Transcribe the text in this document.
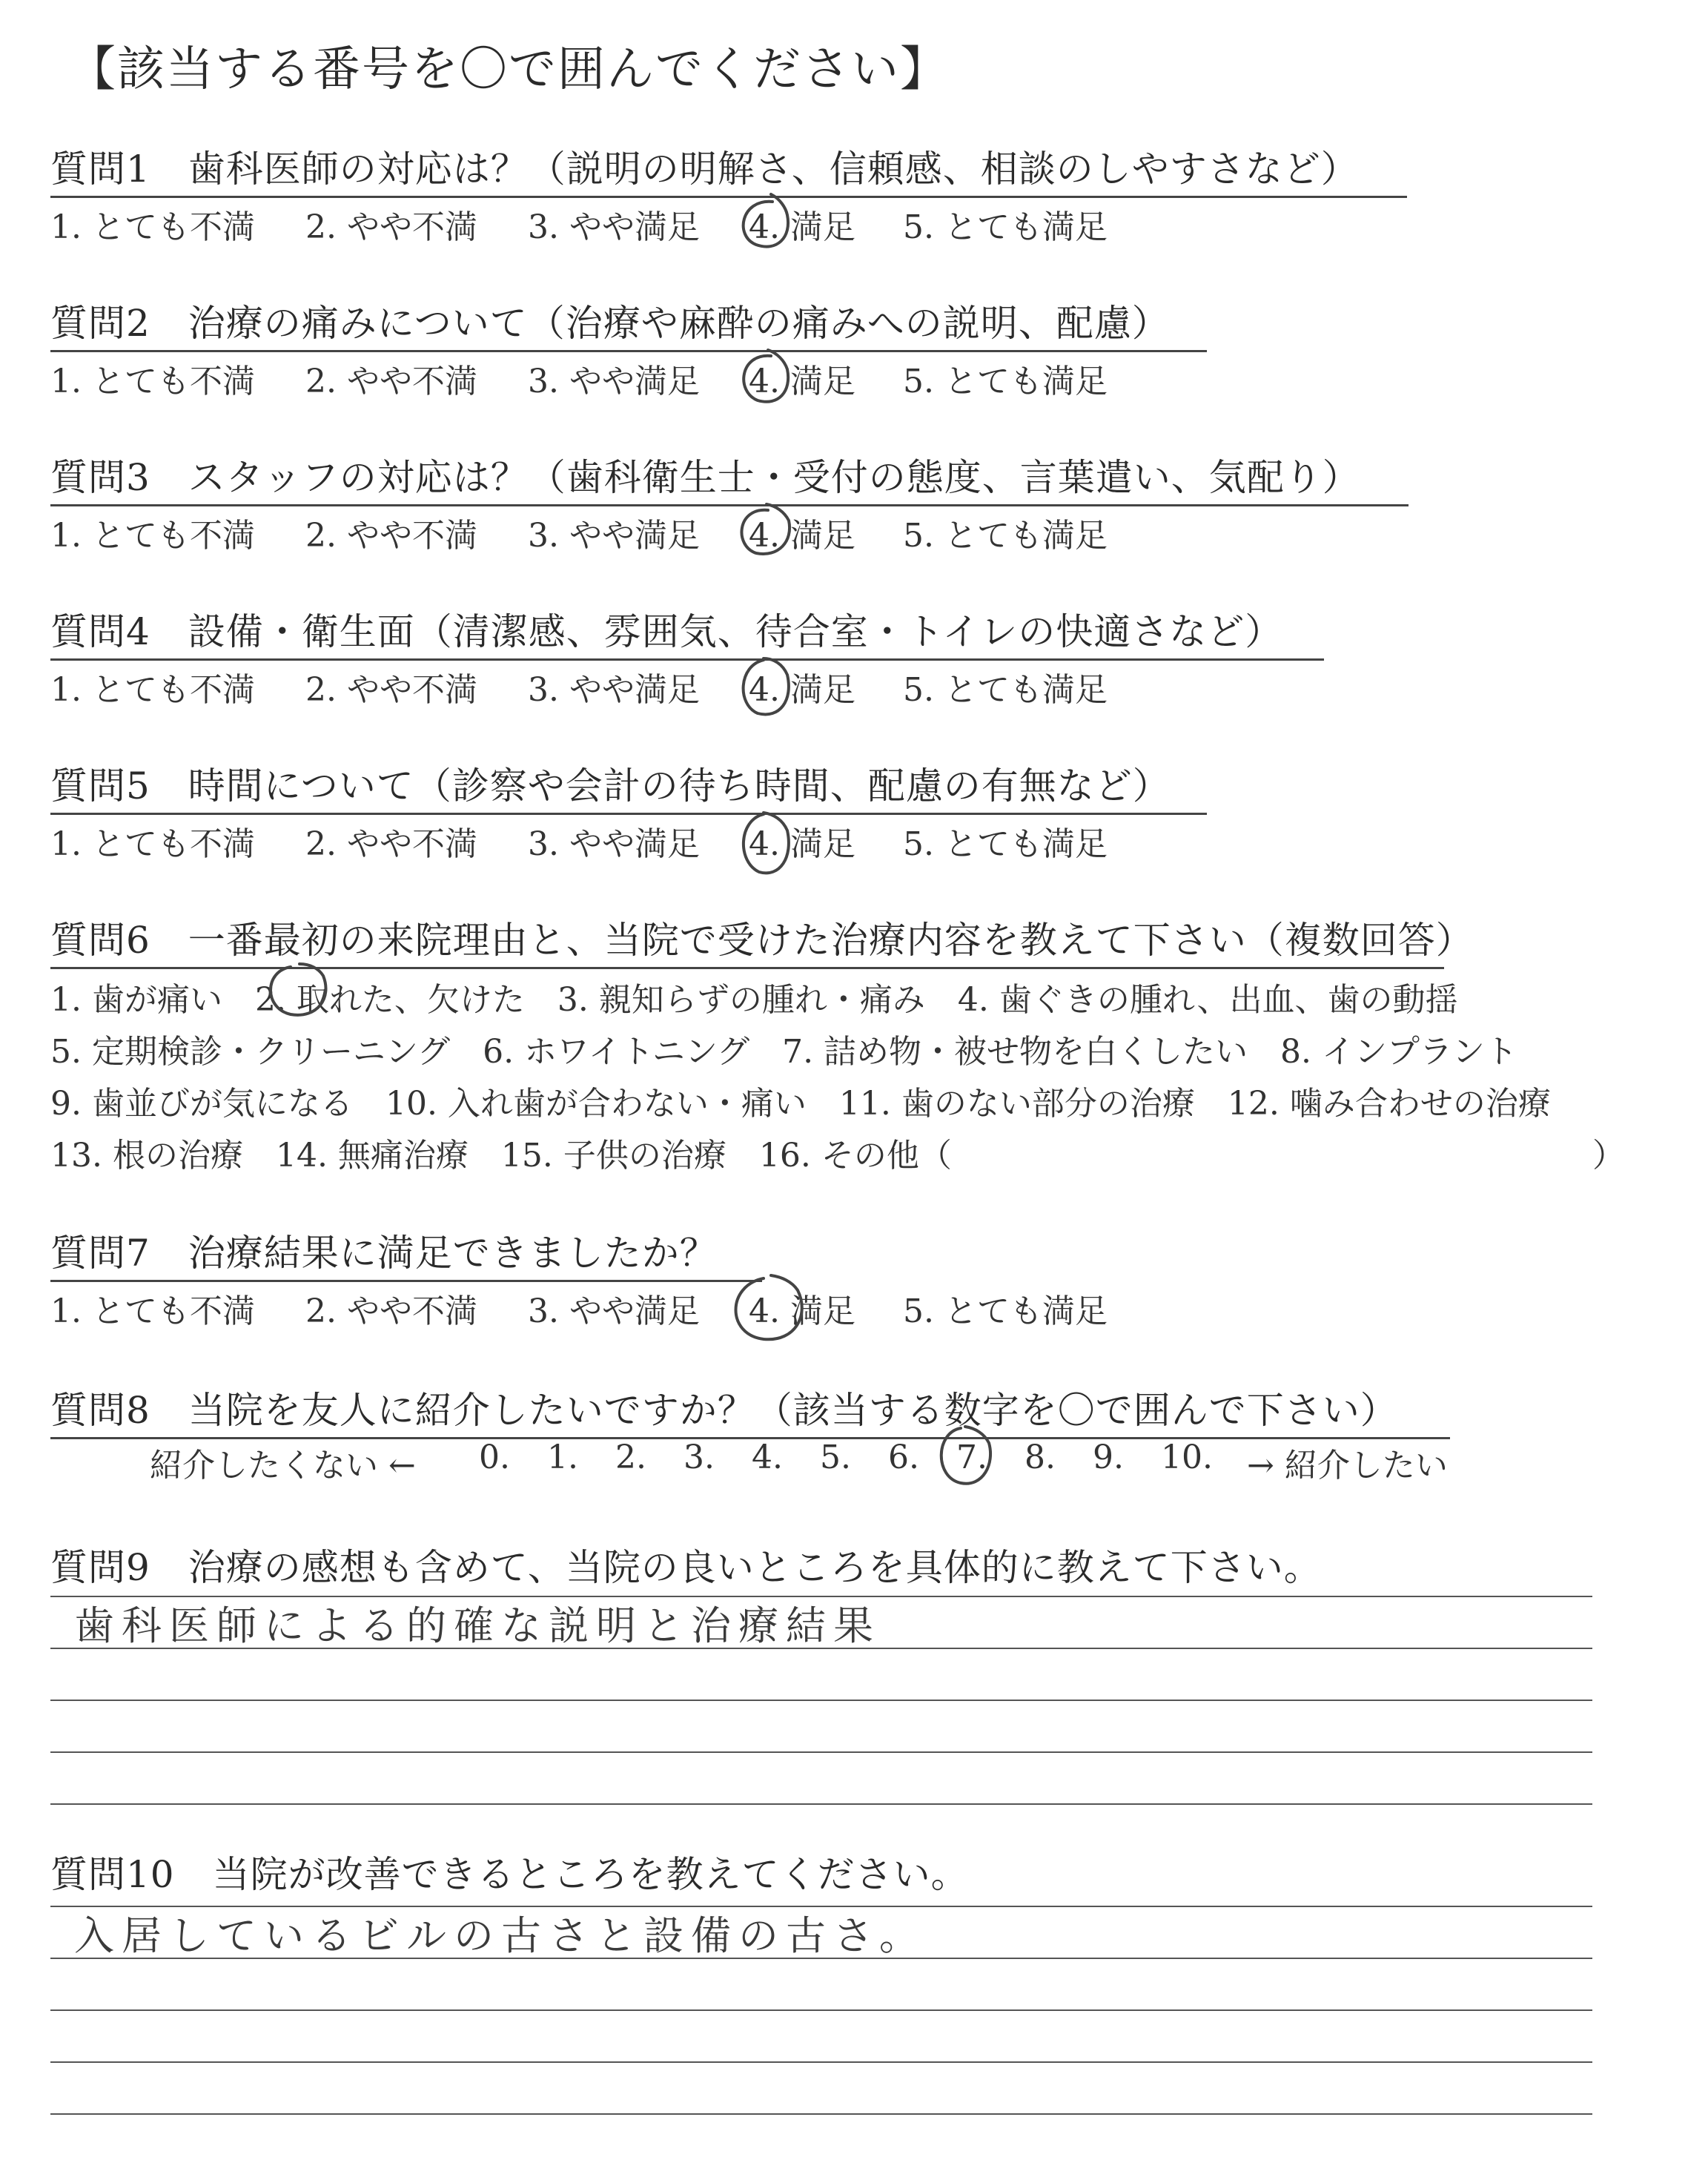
【該当する番号を〇で囲んでください】
質問1　歯科医師の対応は？（説明の明解さ、信頼感、相談のしやすさなど）
1. とても不満 2. やや不満 3. やや満足 4. 満足 5. とても満足
質問2　治療の痛みについて（治療や麻酔の痛みへの説明、配慮）
1. とても不満 2. やや不満 3. やや満足 4. 満足 5. とても満足
質問3　スタッフの対応は？（歯科衛生士・受付の態度、言葉遣い、気配り）
1. とても不満 2. やや不満 3. やや満足 4. 満足 5. とても満足
質問4　設備・衛生面（清潔感、雰囲気、待合室・トイレの快適さなど）
1. とても不満 2. やや不満 3. やや満足 4. 満足 5. とても満足
質問5　時間について（診察や会計の待ち時間、配慮の有無など）
1. とても不満 2. やや不満 3. やや満足 4. 満足 5. とても満足
質問6　一番最初の来院理由と、当院で受けた治療内容を教えて下さい（複数回答）
1. 歯が痛い　2. 取れた、欠けた　3. 親知らずの腫れ・痛み　4. 歯ぐきの腫れ、出血、歯の動揺
5. 定期検診・クリーニング　6. ホワイトニング　7. 詰め物・被せ物を白くしたい　8. インプラント
9. 歯並びが気になる　10. 入れ歯が合わない・痛い　11. 歯のない部分の治療　12. 噛み合わせの治療
13. 根の治療　14. 無痛治療　15. 子供の治療　16. その他（	）
質問7　治療結果に満足できましたか？
1. とても不満 2. やや不満 3. やや満足 4. 満足 5. とても満足
質問8　当院を友人に紹介したいですか？（該当する数字を〇で囲んで下さい）
紹介したくない ← 0. 1. 2. 3. 4. 5. 6. 7. 8. 9. 10. → 紹介したい
質問9　治療の感想も含めて、当院の良いところを具体的に教えて下さい。
歯科医師による的確な説明と治療結果
質問10　当院が改善できるところを教えてください。
入居しているビルの古さと設備の古さ。
